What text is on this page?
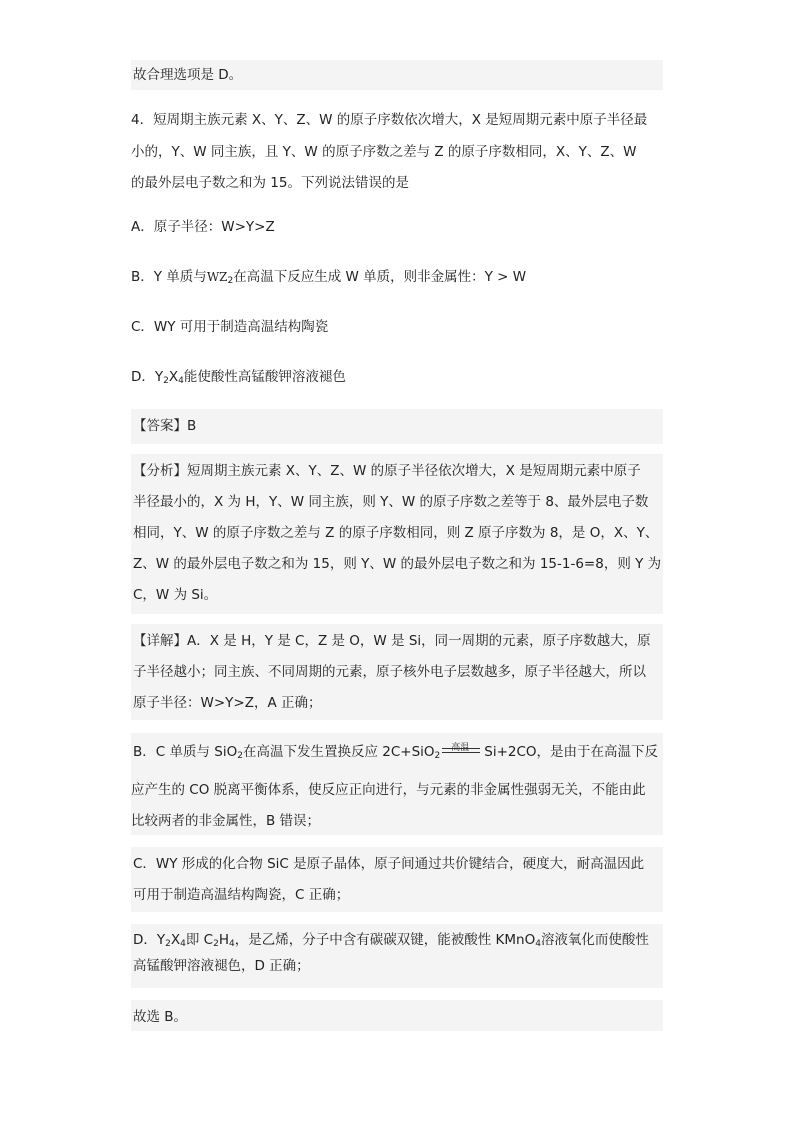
故合理选项是 D。
4．短周期主族元素 X、Y、Z、W 的原子序数依次增大，X 是短周期元素中原子半径最
小的，Y、W 同主族，且 Y、W 的原子序数之差与 Z 的原子序数相同，X、Y、Z、W
的最外层电子数之和为 15。下列说法错误的是
A．原子半径：W>Y>Z
B．Y 单质与$WZ_2$在高温下反应生成 W 单质，则非金属性：Y > W
C．WY 可用于制造高温结构陶瓷
D．$Y_2X_4$能使酸性高锰酸钾溶液褪色
【答案】B
【分析】短周期主族元素 X、Y、Z、W 的原子半径依次增大，X 是短周期元素中原子
半径最小的，X 为 H，Y、W 同主族，则 Y、W 的原子序数之差等于 8、最外层电子数
相同，Y、W 的原子序数之差与 Z 的原子序数相同，则 Z 原子序数为 8，是 O，X、Y、
Z、W 的最外层电子数之和为 15，则 Y、W 的最外层电子数之和为 15-1-6=8，则 Y 为
C，W 为 Si。
【详解】A．X 是 H，Y 是 C，Z 是 O，W 是 Si，同一周期的元素，原子序数越大，原
子半径越小；同主族、不同周期的元素，原子核外电子层数越多，原子半径越大，所以
原子半径：W>Y>Z，A 正确；
B．C 单质与 SiO$_2$在高温下发生置换反应 2C+SiO$_2$
高温 Si+2CO，是由于在高温下反
应产生的 CO 脱离平衡体系，使反应正向进行，与元素的非金属性强弱无关，不能由此
比较两者的非金属性，B 错误；
C．WY 形成的化合物 SiC 是原子晶体，原子间通过共价键结合，硬度大，耐高温因此
可用于制造高温结构陶瓷，C 正确；
D．$Y_2X_4$即 $C_2H_4$，是乙烯，分子中含有碳碳双键，能被酸性 KMnO$_4$溶液氧化而使酸性
高锰酸钾溶液褪色，D 正确；
故选 B。
